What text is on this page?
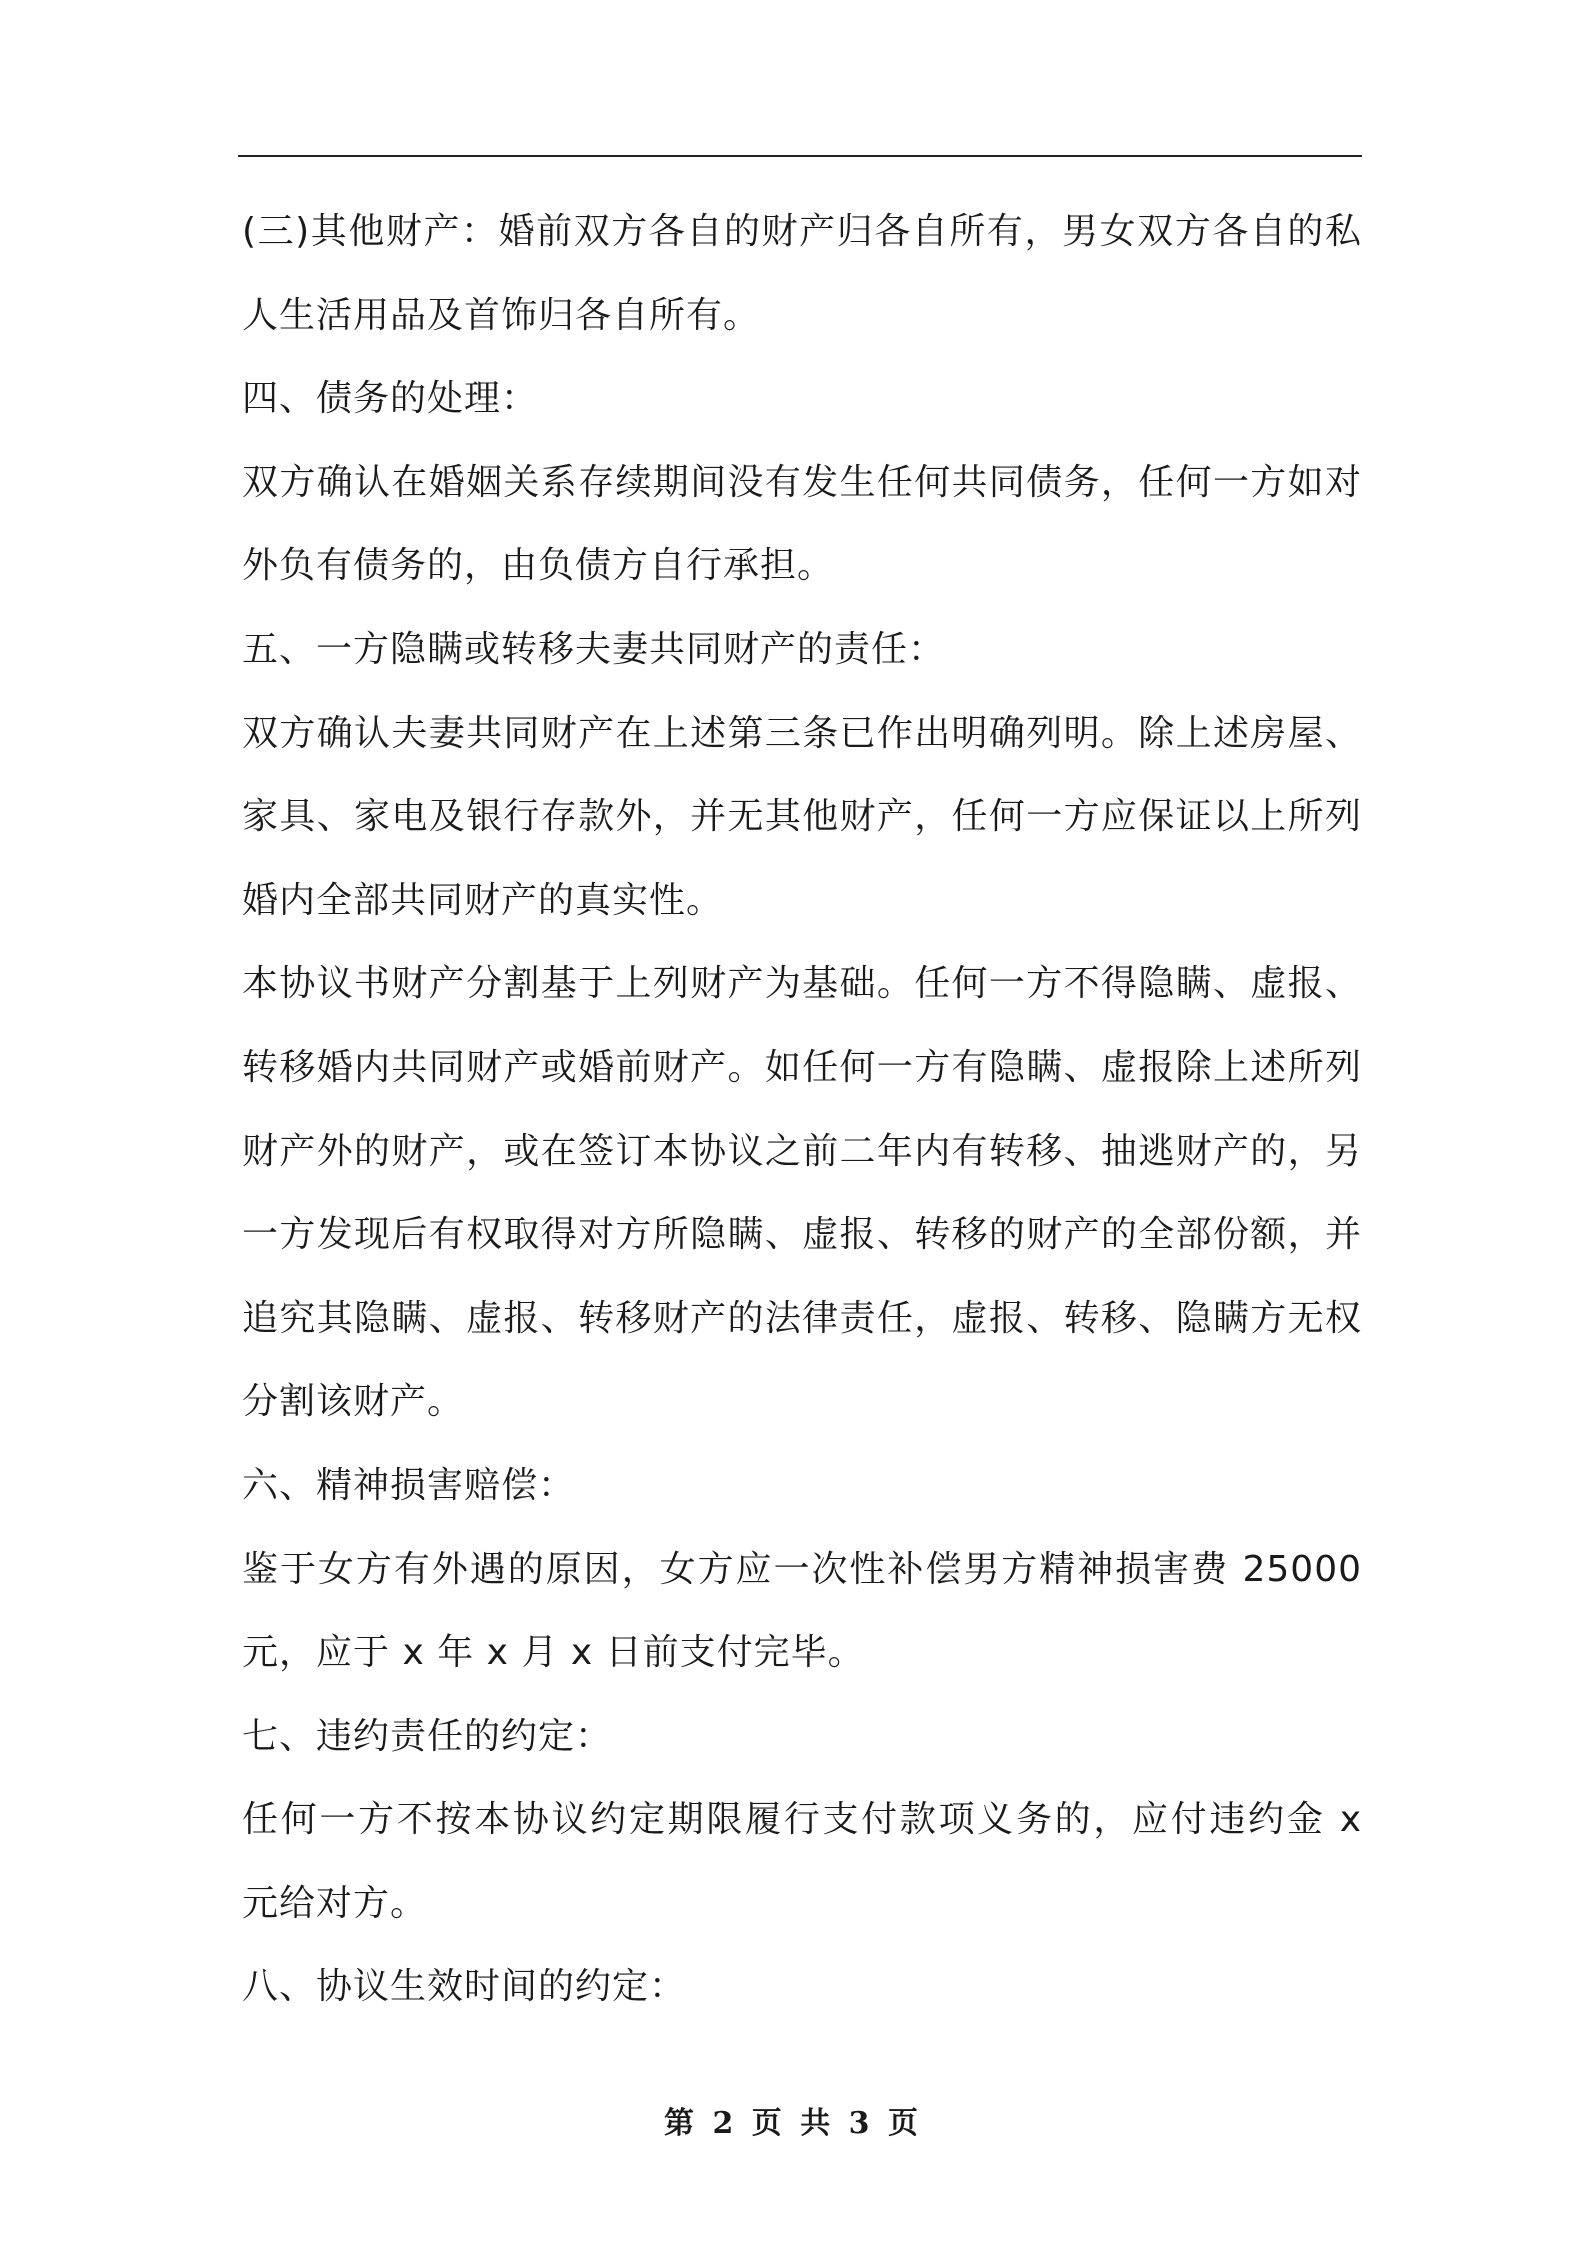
(三)其他财产：婚前双方各自的财产归各自所有，男女双方各自的私人生活用品及首饰归各自所有。

四、债务的处理：

双方确认在婚姻关系存续期间没有发生任何共同债务，任何一方如对外负有债务的，由负债方自行承担。

五、一方隐瞒或转移夫妻共同财产的责任：

双方确认夫妻共同财产在上述第三条已作出明确列明。除上述房屋、家具、家电及银行存款外，并无其他财产，任何一方应保证以上所列婚内全部共同财产的真实性。

本协议书财产分割基于上列财产为基础。任何一方不得隐瞒、虚报、转移婚内共同财产或婚前财产。如任何一方有隐瞒、虚报除上述所列财产外的财产，或在签订本协议之前二年内有转移、抽逃财产的，另一方发现后有权取得对方所隐瞒、虚报、转移的财产的全部份额，并追究其隐瞒、虚报、转移财产的法律责任，虚报、转移、隐瞒方无权分割该财产。

六、精神损害赔偿：

鉴于女方有外遇的原因，女方应一次性补偿男方精神损害费 25000元，应于 x 年 x 月 x 日前支付完毕。

七、违约责任的约定：

任何一方不按本协议约定期限履行支付款项义务的，应付违约金 x 元给对方。

八、协议生效时间的约定：

第 2 页 共 3 页
